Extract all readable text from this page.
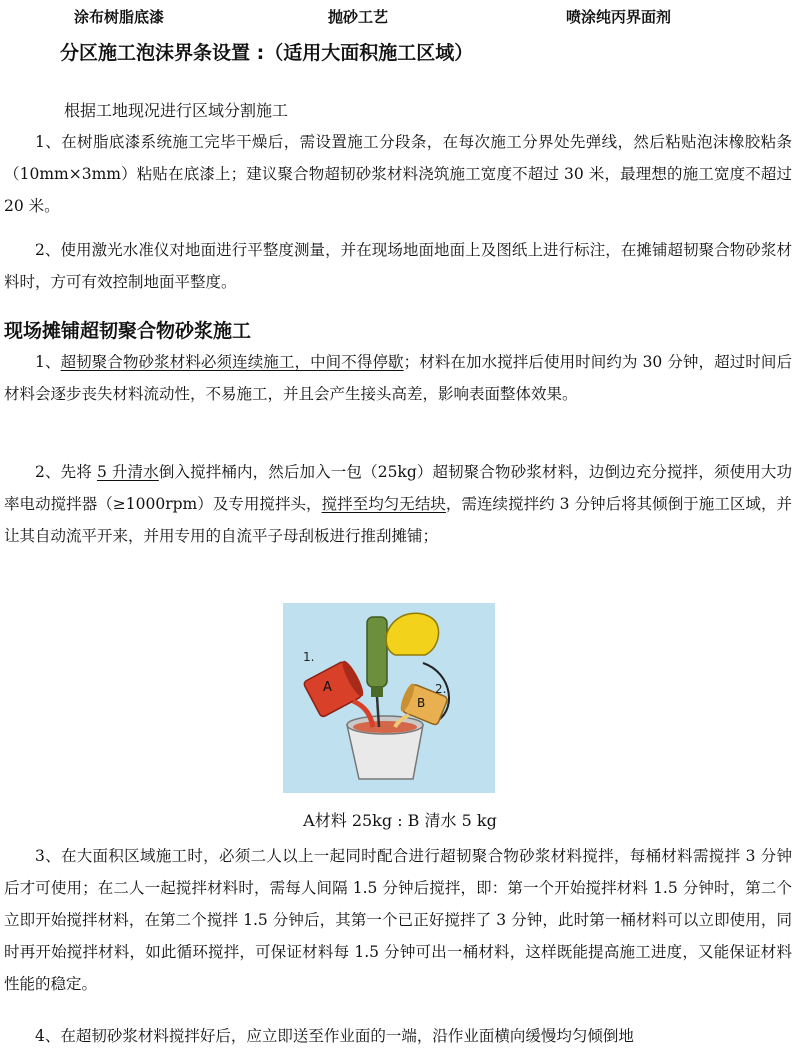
涂布树脂底漆	抛砂工艺	喷涂纯丙界面剂
分区施工泡沫界条设置 :（适用大面积施工区域）
根据工地现况进行区域分割施工

1、在树脂底漆系统施工完毕干燥后，需设置施工分段条，在每次施工分界处先弹线，然后粘贴泡沫橡胶粘条（10mm×3mm）粘贴在底漆上；建议聚合物超韧砂浆材料浇筑施工宽度不超过 30 米，最理想的施工宽度不超过 20 米。

2、使用激光水准仪对地面进行平整度测量，并在现场地面地面上及图纸上进行标注，在摊铺超韧聚合物砂浆材料时，方可有效控制地面平整度。

现场摊铺超韧聚合物砂浆施工

1、超韧聚合物砂浆材料必须连续施工，中间不得停歇；材料在加水搅拌后使用时间约为 30 分钟，超过时间后材料会逐步丧失材料流动性，不易施工，并且会产生接头高差，影响表面整体效果。

2、先将 5 升清水倒入搅拌桶内，然后加入一包（25kg）超韧聚合物砂浆材料，边倒边充分搅拌，须使用大功率电动搅拌器（≥1000rpm）及专用搅拌头，搅拌至均匀无结块，需连续搅拌约 3 分钟后将其倾倒于施工区域，并让其自动流平开来，并用专用的自流平子母刮板进行推刮摊铺；

1.
2.
A
B
A材料 25kg : B 清水 5 kg

3、在大面积区域施工时，必须二人以上一起同时配合进行超韧聚合物砂浆材料搅拌，每桶材料需搅拌 3 分钟后才可使用；在二人一起搅拌材料时，需每人间隔 1.5 分钟后搅拌，即：第一个开始搅拌材料 1.5 分钟时，第二个立即开始搅拌材料，在第二个搅拌 1.5 分钟后，其第一个已正好搅拌了 3 分钟，此时第一桶材料可以立即使用，同时再开始搅拌材料，如此循环搅拌，可保证材料每 1.5 分钟可出一桶材料，这样既能提高施工进度，又能保证材料性能的稳定。

4、在超韧砂浆材料搅拌好后，应立即送至作业面的一端，沿作业面横向缓慢均匀倾倒地
